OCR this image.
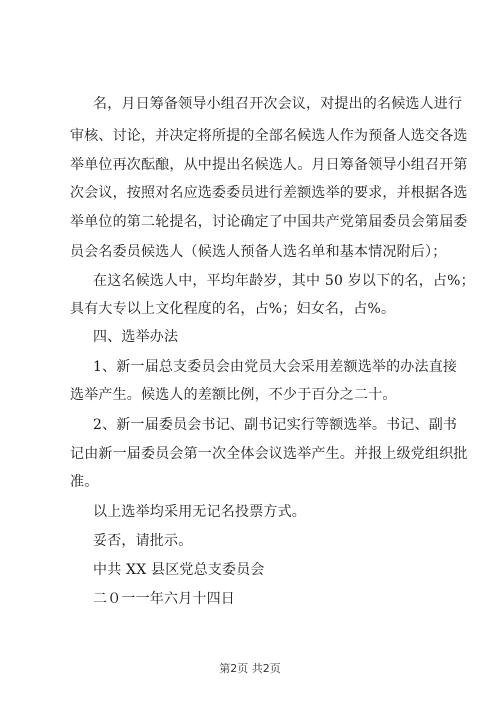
名，月日筹备领导小组召开次会议，对提出的名候选人进行
审核、讨论，并决定将所提的全部名候选人作为预备人选交各选
举单位再次酝酿，从中提出名候选人。月日筹备领导小组召开第
次会议，按照对名应选委委员进行差额选举的要求，并根据各选
举单位的第二轮提名，讨论确定了中国共产党第届委员会第届委
员会名委员候选人（候选人预备人选名单和基本情况附后）；
在这名候选人中，平均年龄岁，其中 50 岁以下的名，占%；
具有大专以上文化程度的名，占%；妇女名，占%。
四、选举办法
1、新一届总支委员会由党员大会采用差额选举的办法直接
选举产生。候选人的差额比例，不少于百分之二十。
2、新一届委员会书记、副书记实行等额选举。书记、副书
记由新一届委员会第一次全体会议选举产生。并报上级党组织批
准。
以上选举均采用无记名投票方式。
妥否，请批示。
中共 XX 县区党总支委员会
二０一一年六月十四日
第2页 共2页
